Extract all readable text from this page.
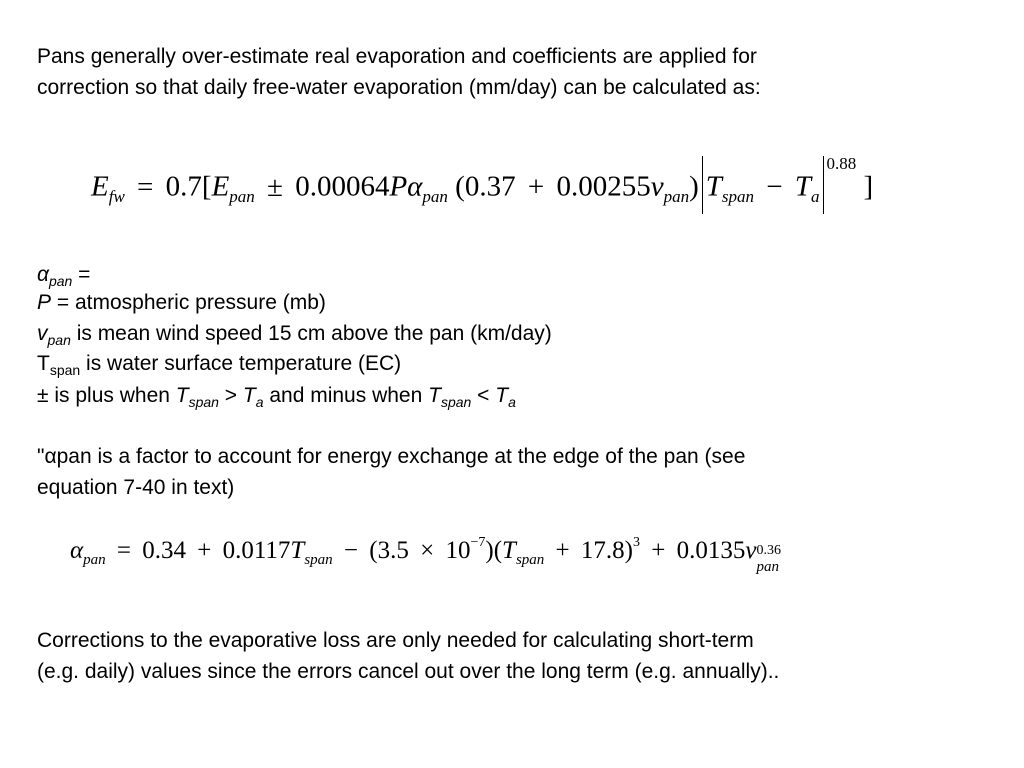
Pans generally over-estimate real evaporation and coefficients are applied for

correction so that daily free-water evaporation (mm/day) can be calculated as:

$E_{fw} = 0.7[E_{pan} \pm 0.00064P\alpha_{pan}$ $(0.37 + 0.00255v_{pan})$ $T_{span} - T_a^{0.88}$ ]

$\alpha_{pan}$ =

P = atmospheric pressure (mb)

$v_{pan}$ is mean wind speed 15 cm above the pan (km/day)

$T_{span}$ is water surface temperature (EC)

± is plus when $T_{span} > T_a$ and minus when $T_{span} < T_a$

"αpan is a factor to account for energy exchange at the edge of the pan (see

equation 7-40 in text)

$\alpha_{pan} = 0.34 + 0.0117T_{span} - (3.5 \times 10^{-7})(T_{span} + 17.8)^3 + 0.0135v$ 0.36
pan

Corrections to the evaporative loss are only needed for calculating short-term

(e.g. daily) values since the errors cancel out over the long term (e.g. annually)..
